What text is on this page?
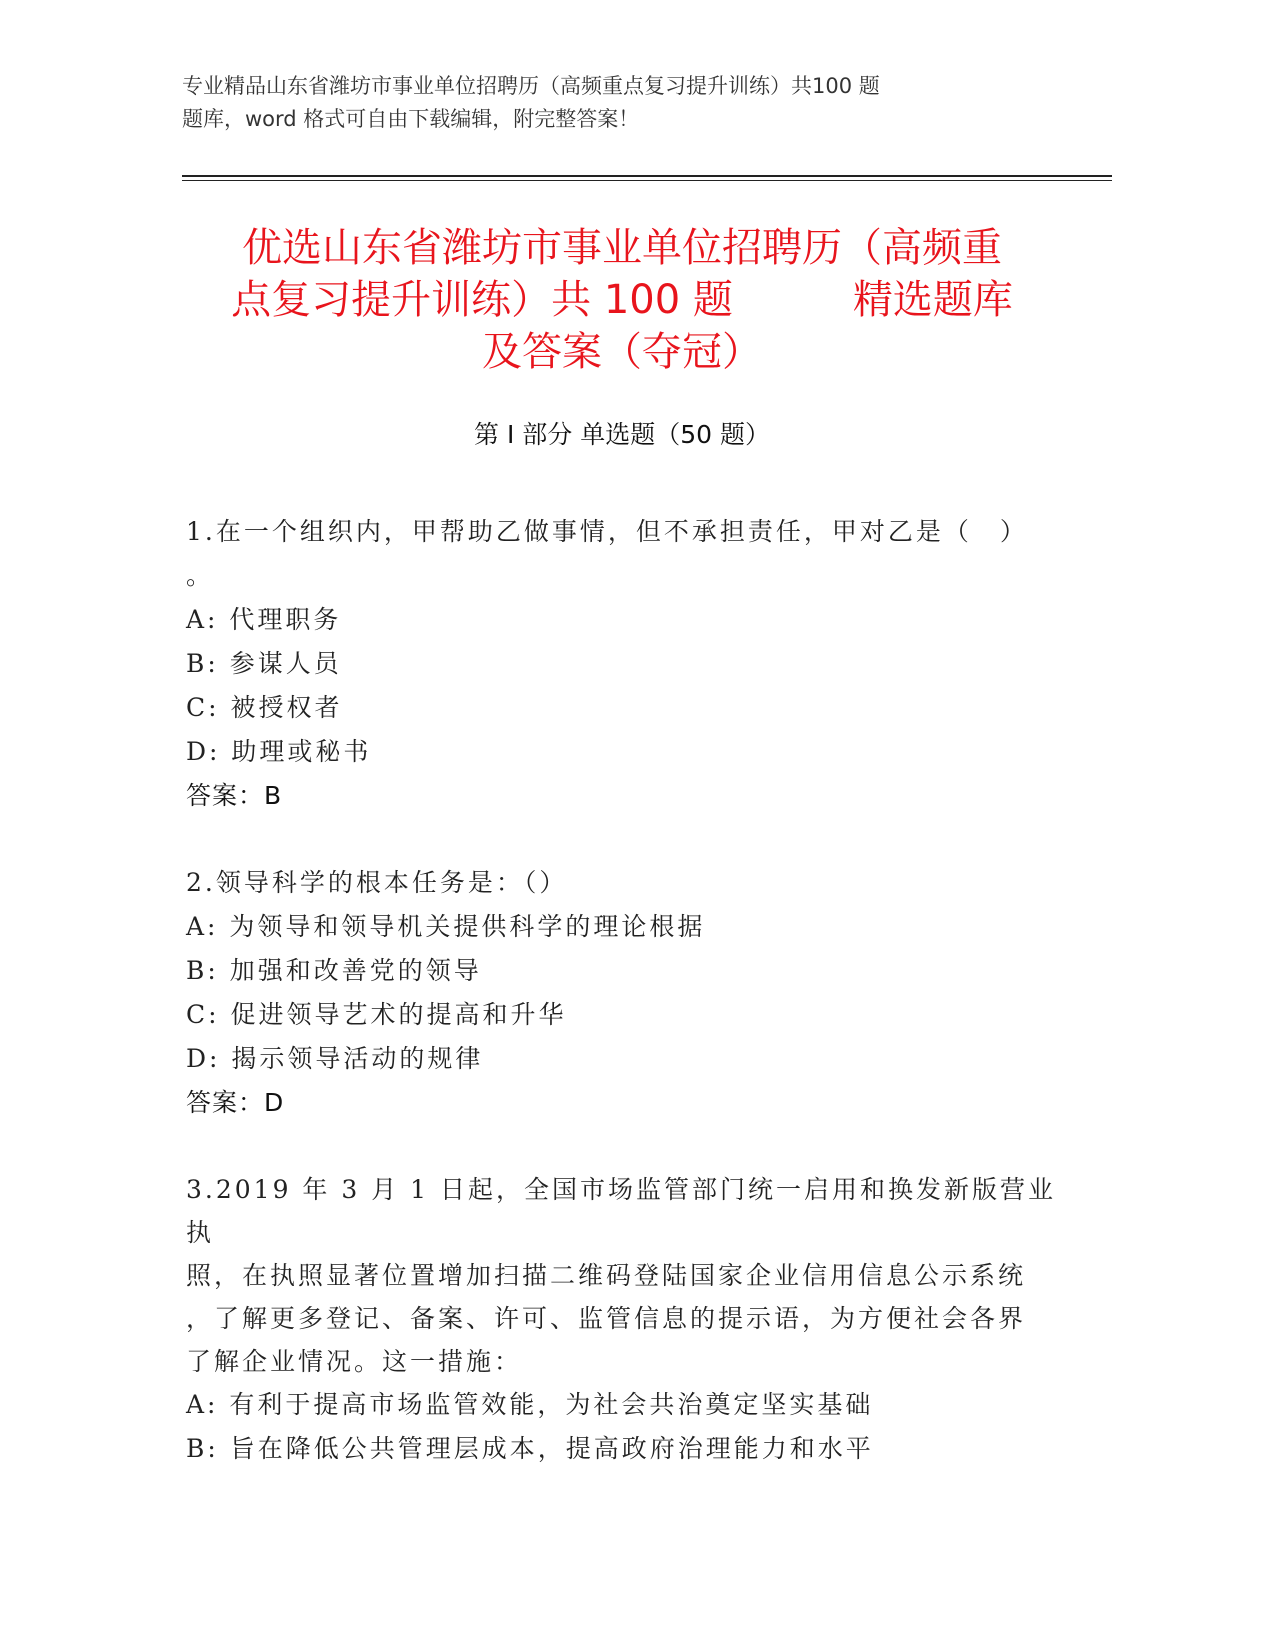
专业精品山东省潍坊市事业单位招聘历（高频重点复习提升训练）共100 题
题库，word 格式可自由下载编辑，附完整答案！
优选山东省潍坊市事业单位招聘历（高频重
点复习提升训练）共 100 题	精选题库
及答案（夺冠）
第 I 部分 单选题（50 题）

1.在一个组织内，甲帮助乙做事情，但不承担责任，甲对乙是（　）

。

A: 代理职务

B: 参谋人员

C: 被授权者

D: 助理或秘书

答案：B

2.领导科学的根本任务是：（）

A: 为领导和领导机关提供科学的理论根据

B: 加强和改善党的领导

C: 促进领导艺术的提高和升华

D: 揭示领导活动的规律

答案：D

3.2019 年 3 月 1 日起，全国市场监管部门统一启用和换发新版营业执

照，在执照显著位置增加扫描二维码登陆国家企业信用信息公示系统

，了解更多登记、备案、许可、监管信息的提示语，为方便社会各界

了解企业情况。这一措施：

A: 有利于提高市场监管效能，为社会共治奠定坚实基础

B: 旨在降低公共管理层成本，提高政府治理能力和水平
